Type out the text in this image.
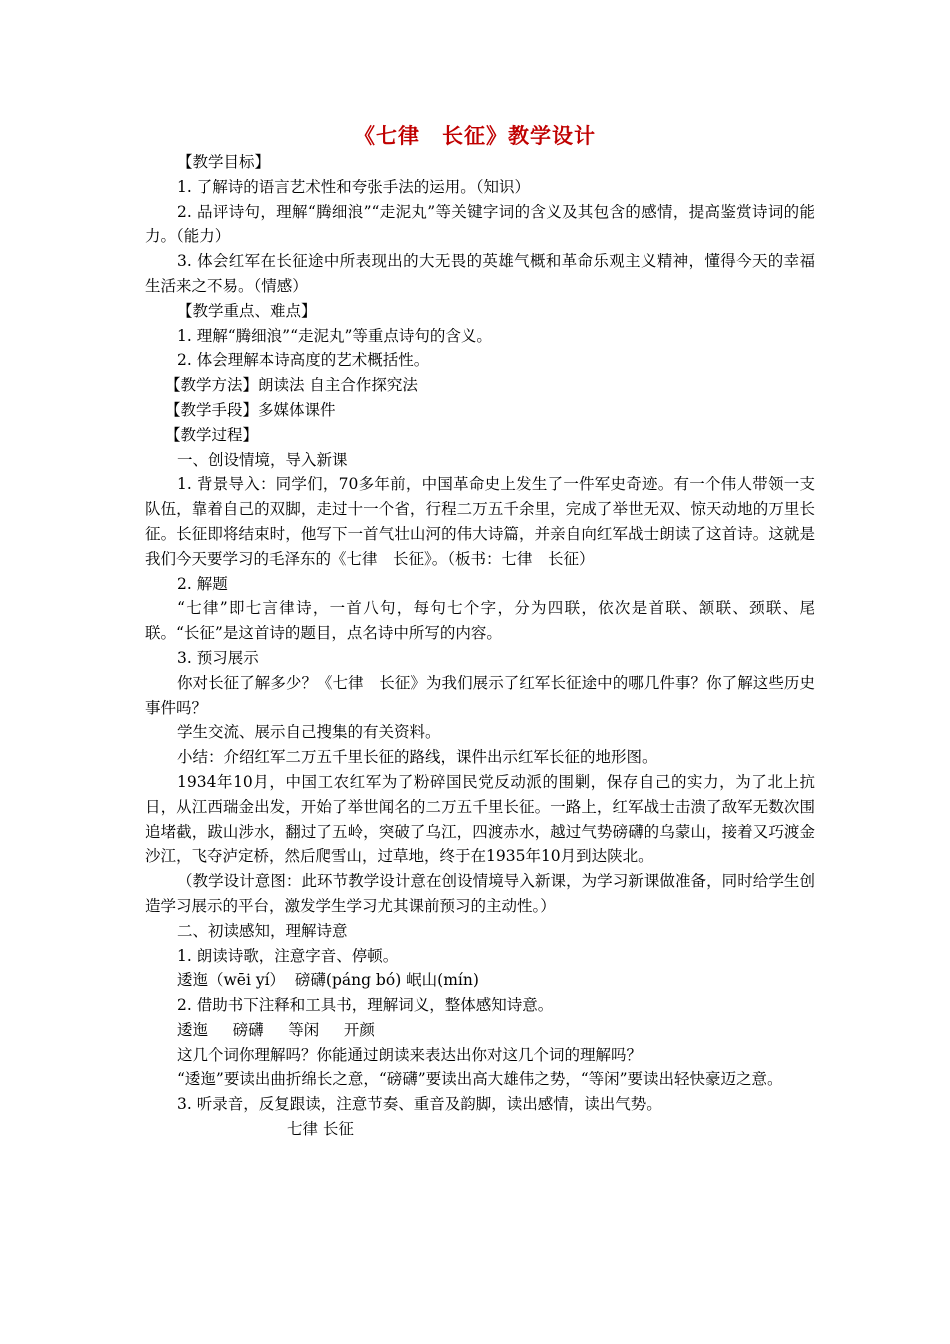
《七律　长征》教学设计

【教学目标】

1. 了解诗的语言艺术性和夸张手法的运用。（知识）

2. 品评诗句，理解“腾细浪”“走泥丸”等关键字词的含义及其包含的感情，提高鉴赏诗词的能力。（能力）

3. 体会红军在长征途中所表现出的大无畏的英雄气概和革命乐观主义精神，懂得今天的幸福生活来之不易。（情感）

【教学重点、难点】

1. 理解“腾细浪”“走泥丸”等重点诗句的含义。

2. 体会理解本诗高度的艺术概括性。

【教学方法】朗读法 自主合作探究法

【教学手段】多媒体课件

【教学过程】

一、创设情境，导入新课

1. 背景导入：同学们，70多年前，中国革命史上发生了一件军史奇迹。有一个伟人带领一支队伍，靠着自己的双脚，走过十一个省，行程二万五千余里，完成了举世无双、惊天动地的万里长征。长征即将结束时，他写下一首气壮山河的伟大诗篇，并亲自向红军战士朗读了这首诗。这就是我们今天要学习的毛泽东的《七律　长征》。（板书：七律　长征）

2. 解题

“七律”即七言律诗，一首八句，每句七个字，分为四联，依次是首联、颔联、颈联、尾联。“长征”是这首诗的题目，点名诗中所写的内容。

3. 预习展示

你对长征了解多少？《七律　长征》为我们展示了红军长征途中的哪几件事？你了解这些历史事件吗？

学生交流、展示自己搜集的有关资料。

小结：介绍红军二万五千里长征的路线，课件出示红军长征的地形图。

1934年10月，中国工农红军为了粉碎国民党反动派的围剿，保存自己的实力，为了北上抗日，从江西瑞金出发，开始了举世闻名的二万五千里长征。一路上，红军战士击溃了敌军无数次围追堵截，跋山涉水，翻过了五岭，突破了乌江，四渡赤水，越过气势磅礴的乌蒙山，接着又巧渡金沙江，飞夺泸定桥，然后爬雪山，过草地，终于在1935年10月到达陕北。

（教学设计意图：此环节教学设计意在创设情境导入新课，为学习新课做准备，同时给学生创造学习展示的平台，激发学生学习尤其课前预习的主动性。）

二、初读感知，理解诗意

1. 朗读诗歌，注意字音、停顿。

逶迤（wēi yí）  磅礴(páng bó) 岷山(mín)

2. 借助书下注释和工具书，理解词义，整体感知诗意。

逶迤     磅礴     等闲     开颜

这几个词你理解吗？你能通过朗读来表达出你对这几个词的理解吗？

“逶迤”要读出曲折绵长之意，“磅礴”要读出高大雄伟之势，“等闲”要读出轻快豪迈之意。

3. 听录音，反复跟读，注意节奏、重音及韵脚，读出感情，读出气势。

七律 长征
